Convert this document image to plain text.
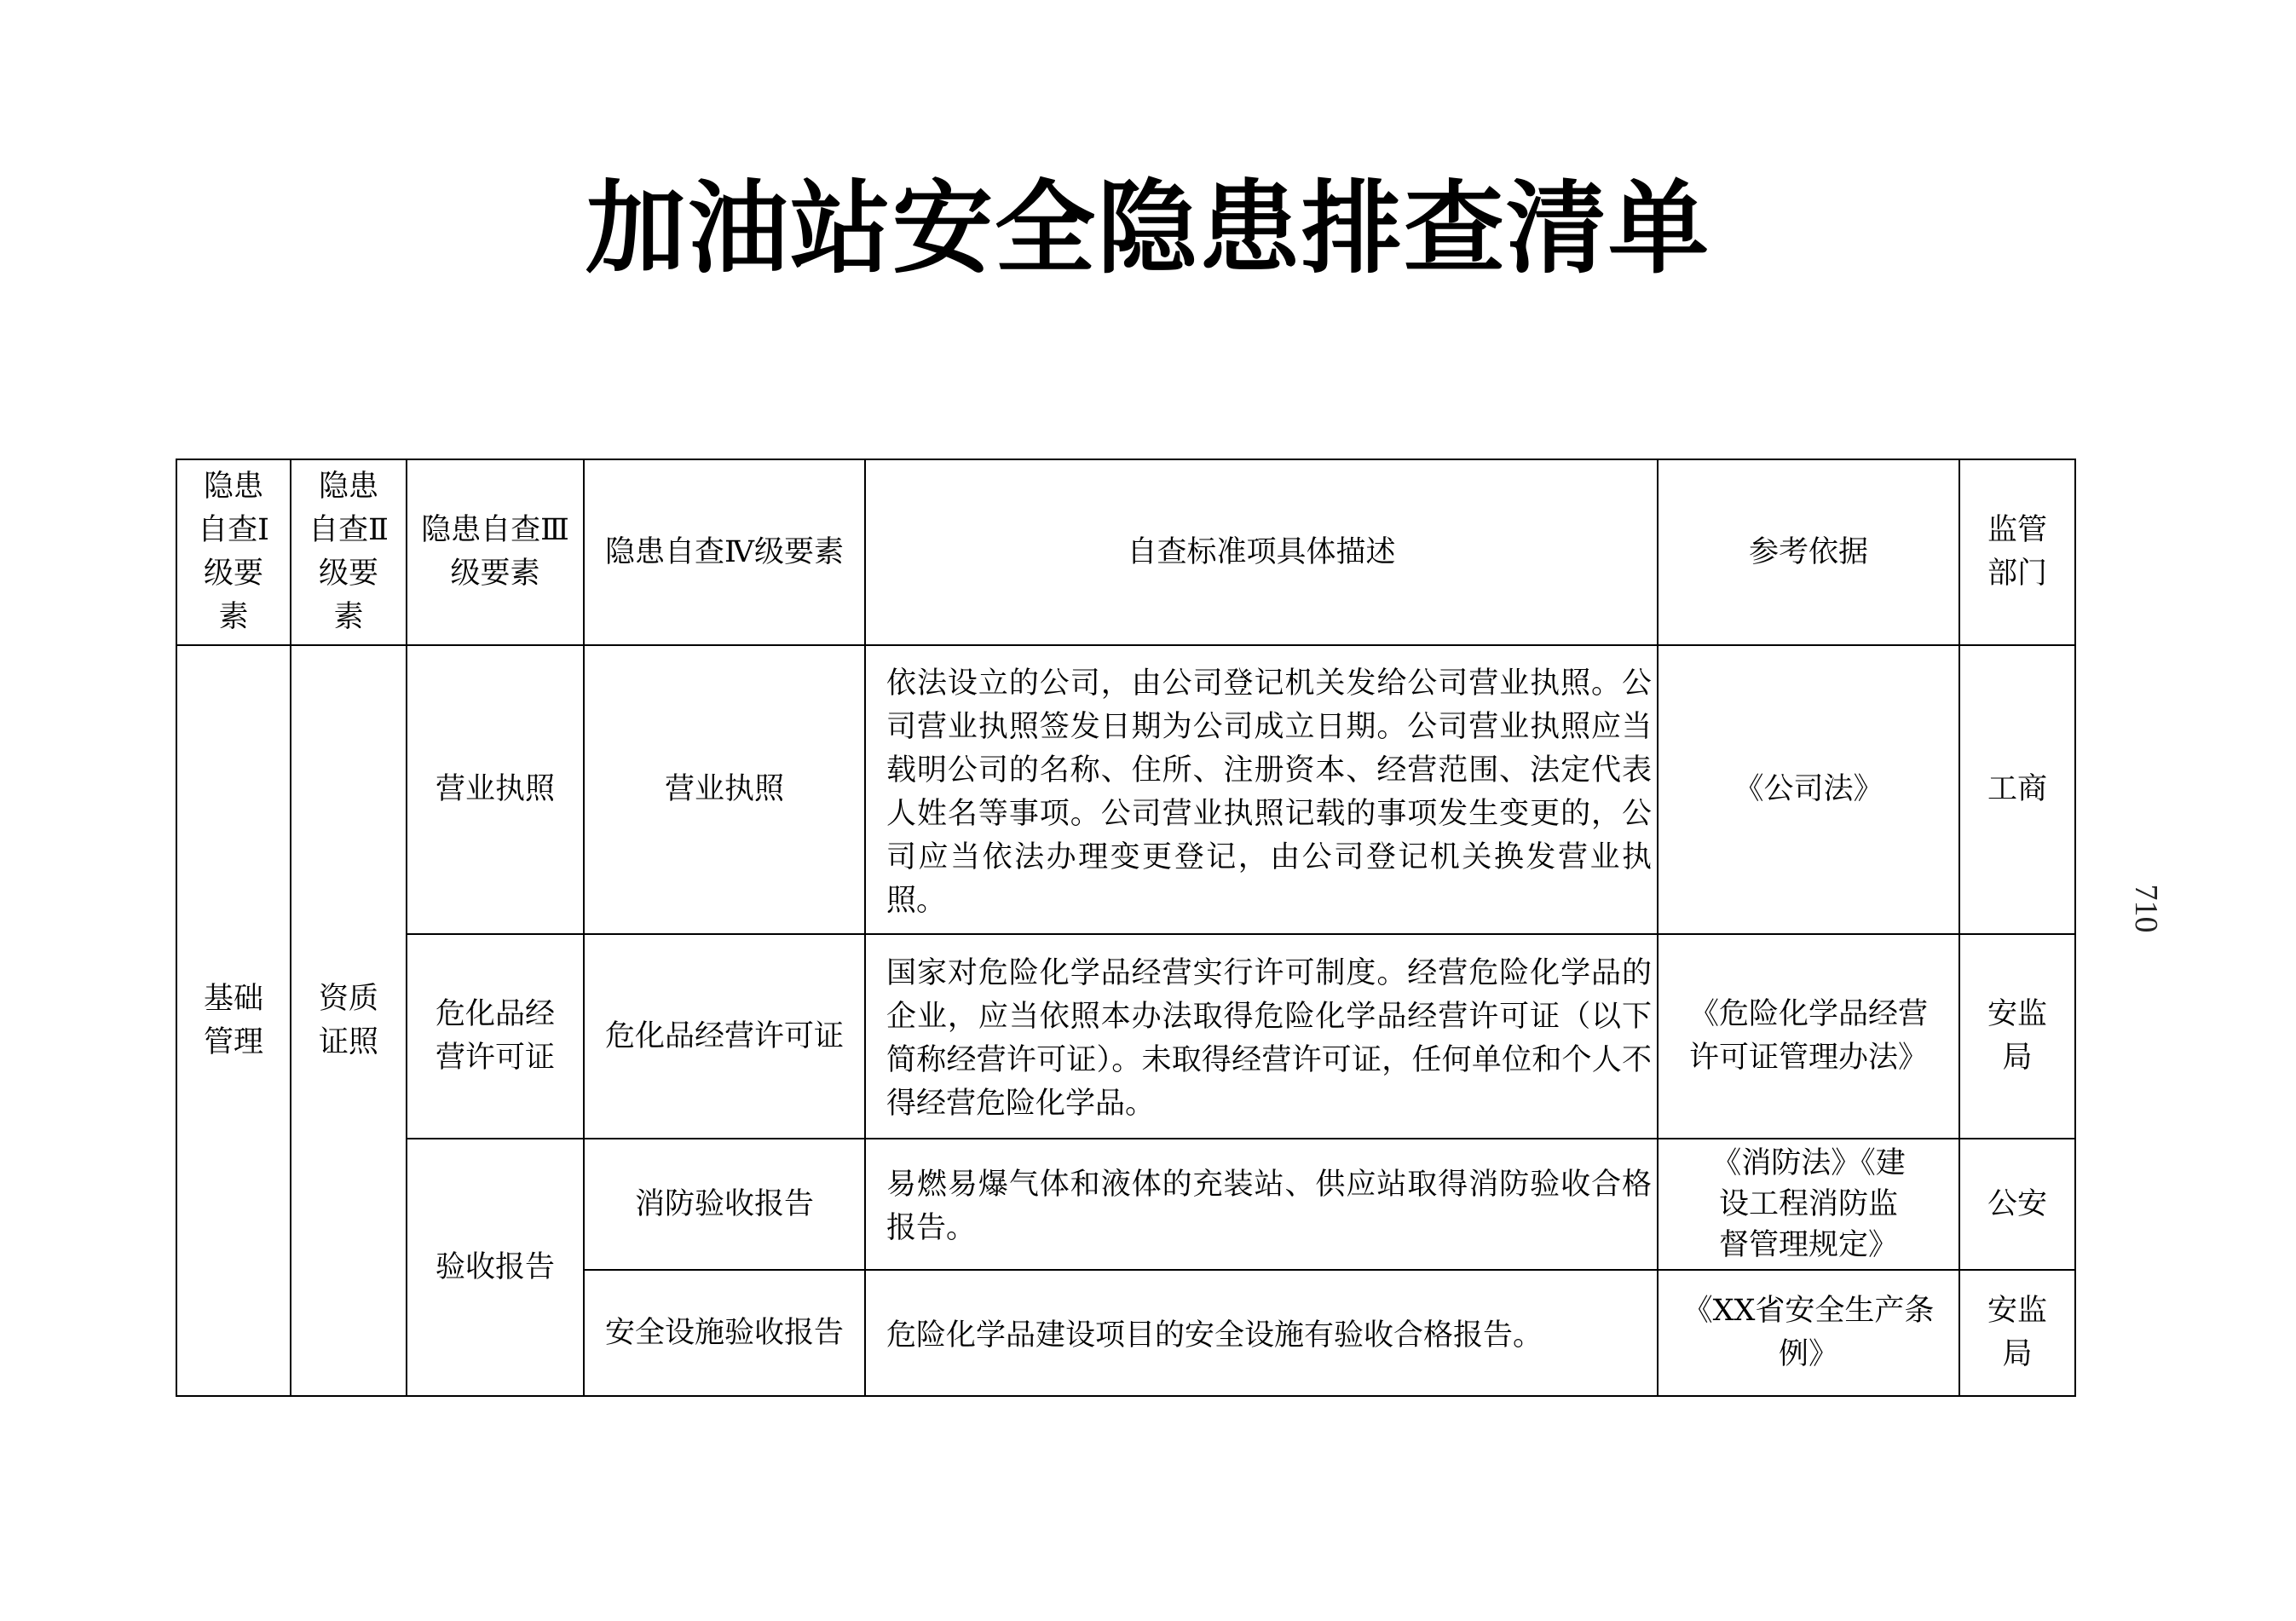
加油站安全隐患排查清单
隐患自查Ⅰ级要素	隐患自查Ⅱ级要素	隐患自查Ⅲ级要素	隐患自查Ⅳ级要素	自查标准项具体描述	参考依据	监管部门
基础管理	资质证照	营业执照	营业执照	依法设立的公司，由公司登记机关发给公司营业执照。公司营业执照签发日期为公司成立日期。公司营业执照应当载明公司的名称、住所、注册资本、经营范围、法定代表人姓名等事项。公司营业执照记载的事项发生变更的，公司应当依法办理变更登记，由公司登记机关换发营业执照。	《公司法》	工商
		危化品经营许可证	危化品经营许可证	国家对危险化学品经营实行许可制度。经营危险化学品的企业，应当依照本办法取得危险化学品经营许可证（以下简称经营许可证）。未取得经营许可证，任何单位和个人不得经营危险化学品。	《危险化学品经营许可证管理办法》	安监局
		验收报告	消防验收报告	易燃易爆气体和液体的充装站、供应站取得消防验收合格报告。	《消防法》《建设工程消防监督管理规定》	公安
			安全设施验收报告	危险化学品建设项目的安全设施有验收合格报告。	《XX省安全生产条例》	安监局
710
